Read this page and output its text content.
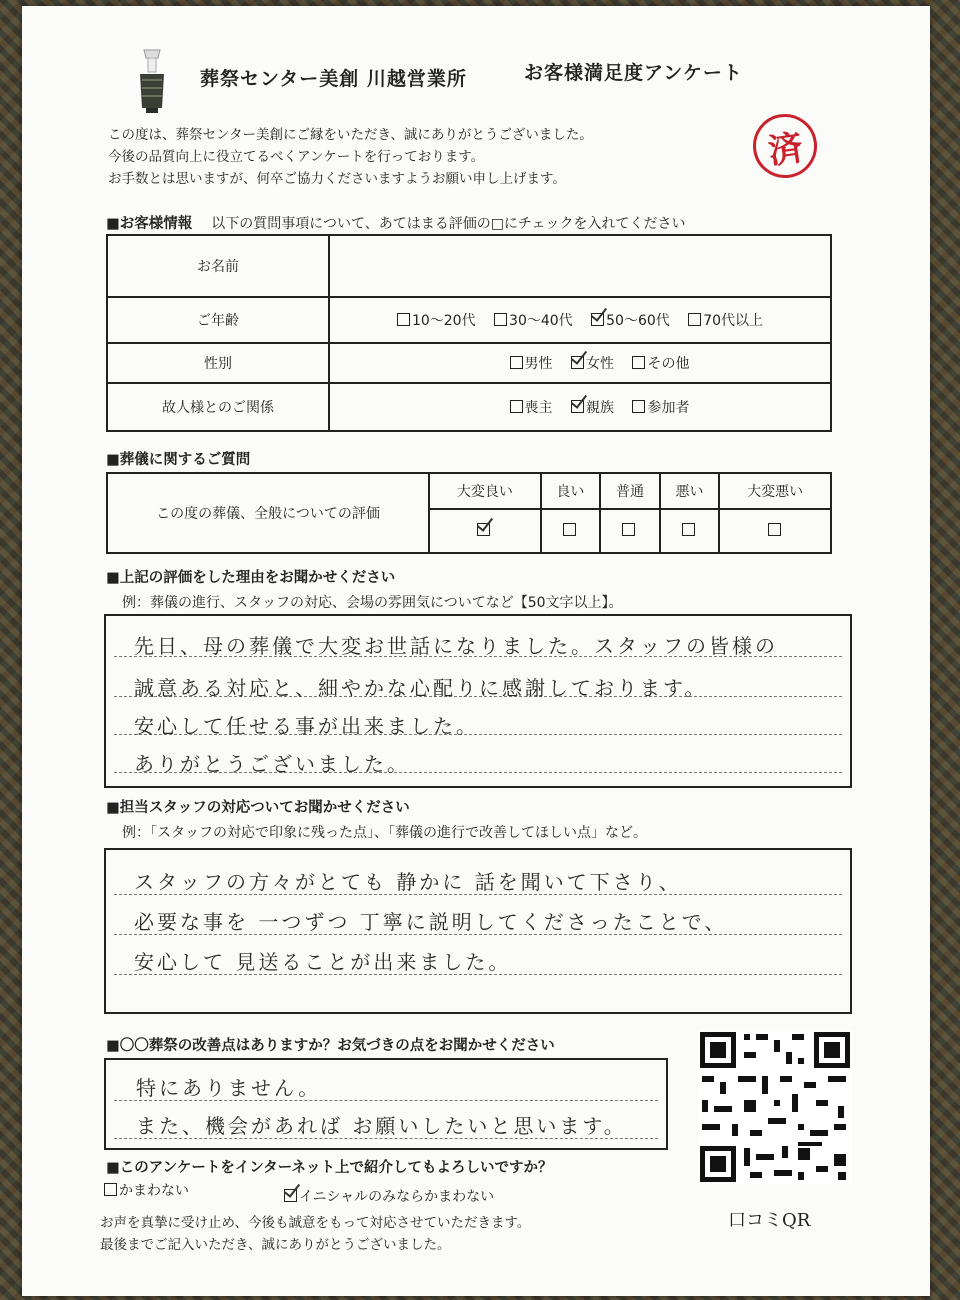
葬祭センター美創 川越営業所	お客様満足度アンケート
この度は、葬祭センター美創にご縁をいただき、誠にありがとうございました。
今後の品質向上に役立てるべくアンケートを行っております。
お手数とは思いますが、何卒ご協力くださいますようお願い申し上げます。
済
■お客様情報 以下の質問事項について、あてはまる評価の□にチェックを入れてください
お名前	
ご年齢	10～20代 30～40代 50～60代 70代以上
性別	男性 女性 その他
故人様とのご関係	喪主 親族 参加者
■葬儀に関するご質問
この度の葬儀、全般についての評価	大変良い	良い	普通	悪い	大変悪い

■上記の評価をした理由をお聞かせください
例：葬儀の進行、スタッフの対応、会場の雰囲気についてなど【50文字以上】。
先日、母の葬儀で大変お世話になりました。スタッフの皆様の
誠意ある対応と、細やかな心配りに感謝しております。
安心して任せる事が出来ました。
ありがとうございました。
■担当スタッフの対応ついてお聞かせください
例：「スタッフの対応で印象に残った点」、「葬儀の進行で改善してほしい点」など。
スタッフの方々がとても 静かに 話を聞いて下さり、
必要な事を 一つずつ 丁寧に説明してくださったことで、
安心して 見送ることが出来ました。
■〇〇葬祭の改善点はありますか？お気づきの点をお聞かせください
特にありません。
また、機会があれば お願いしたいと思います。
口コミQR
■このアンケートをインターネット上で紹介してもよろしいですか？
かまわない	イニシャルのみならかまわない
お声を真摯に受け止め、今後も誠意をもって対応させていただきます。
最後までご記入いただき、誠にありがとうございました。
